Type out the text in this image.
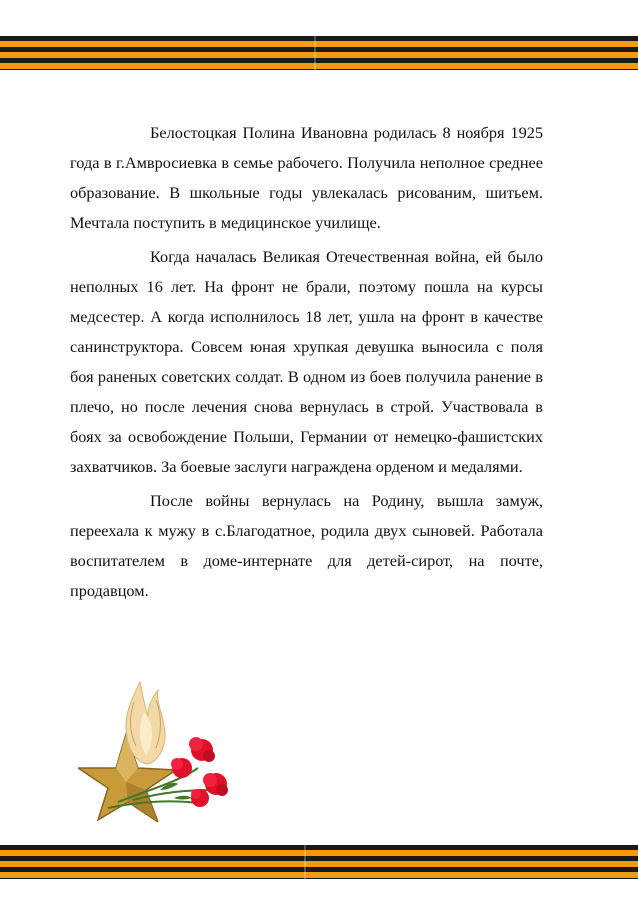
Белостоцкая Полина Ивановна родилась 8 ноября 1925 года в г.Амвросиевка в семье рабочего. Получила неполное среднее образование. В школьные годы увлекалась рисованим, шитьем. Мечтала поступить в медицинское училище.

Когда началась Великая Отечественная война, ей было неполных 16 лет. На фронт не брали, поэтому пошла на курсы медсестер. А когда исполнилось 18 лет, ушла на фронт в качестве санинструктора. Совсем юная хрупкая девушка выносила с поля боя раненых советских солдат. В одном из боев получила ранение в плечо, но после лечения снова вернулась в строй. Участвовала в боях за освобождение Польши, Германии от немецко-фашистских захватчиков. За боевые заслуги награждена орденом и медалями.

После войны вернулась на Родину, вышла замуж, переехала к мужу в с.Благодатное, родила двух сыновей. Работала воспитателем в доме-интернате для детей-сирот, на почте, продавцом.
